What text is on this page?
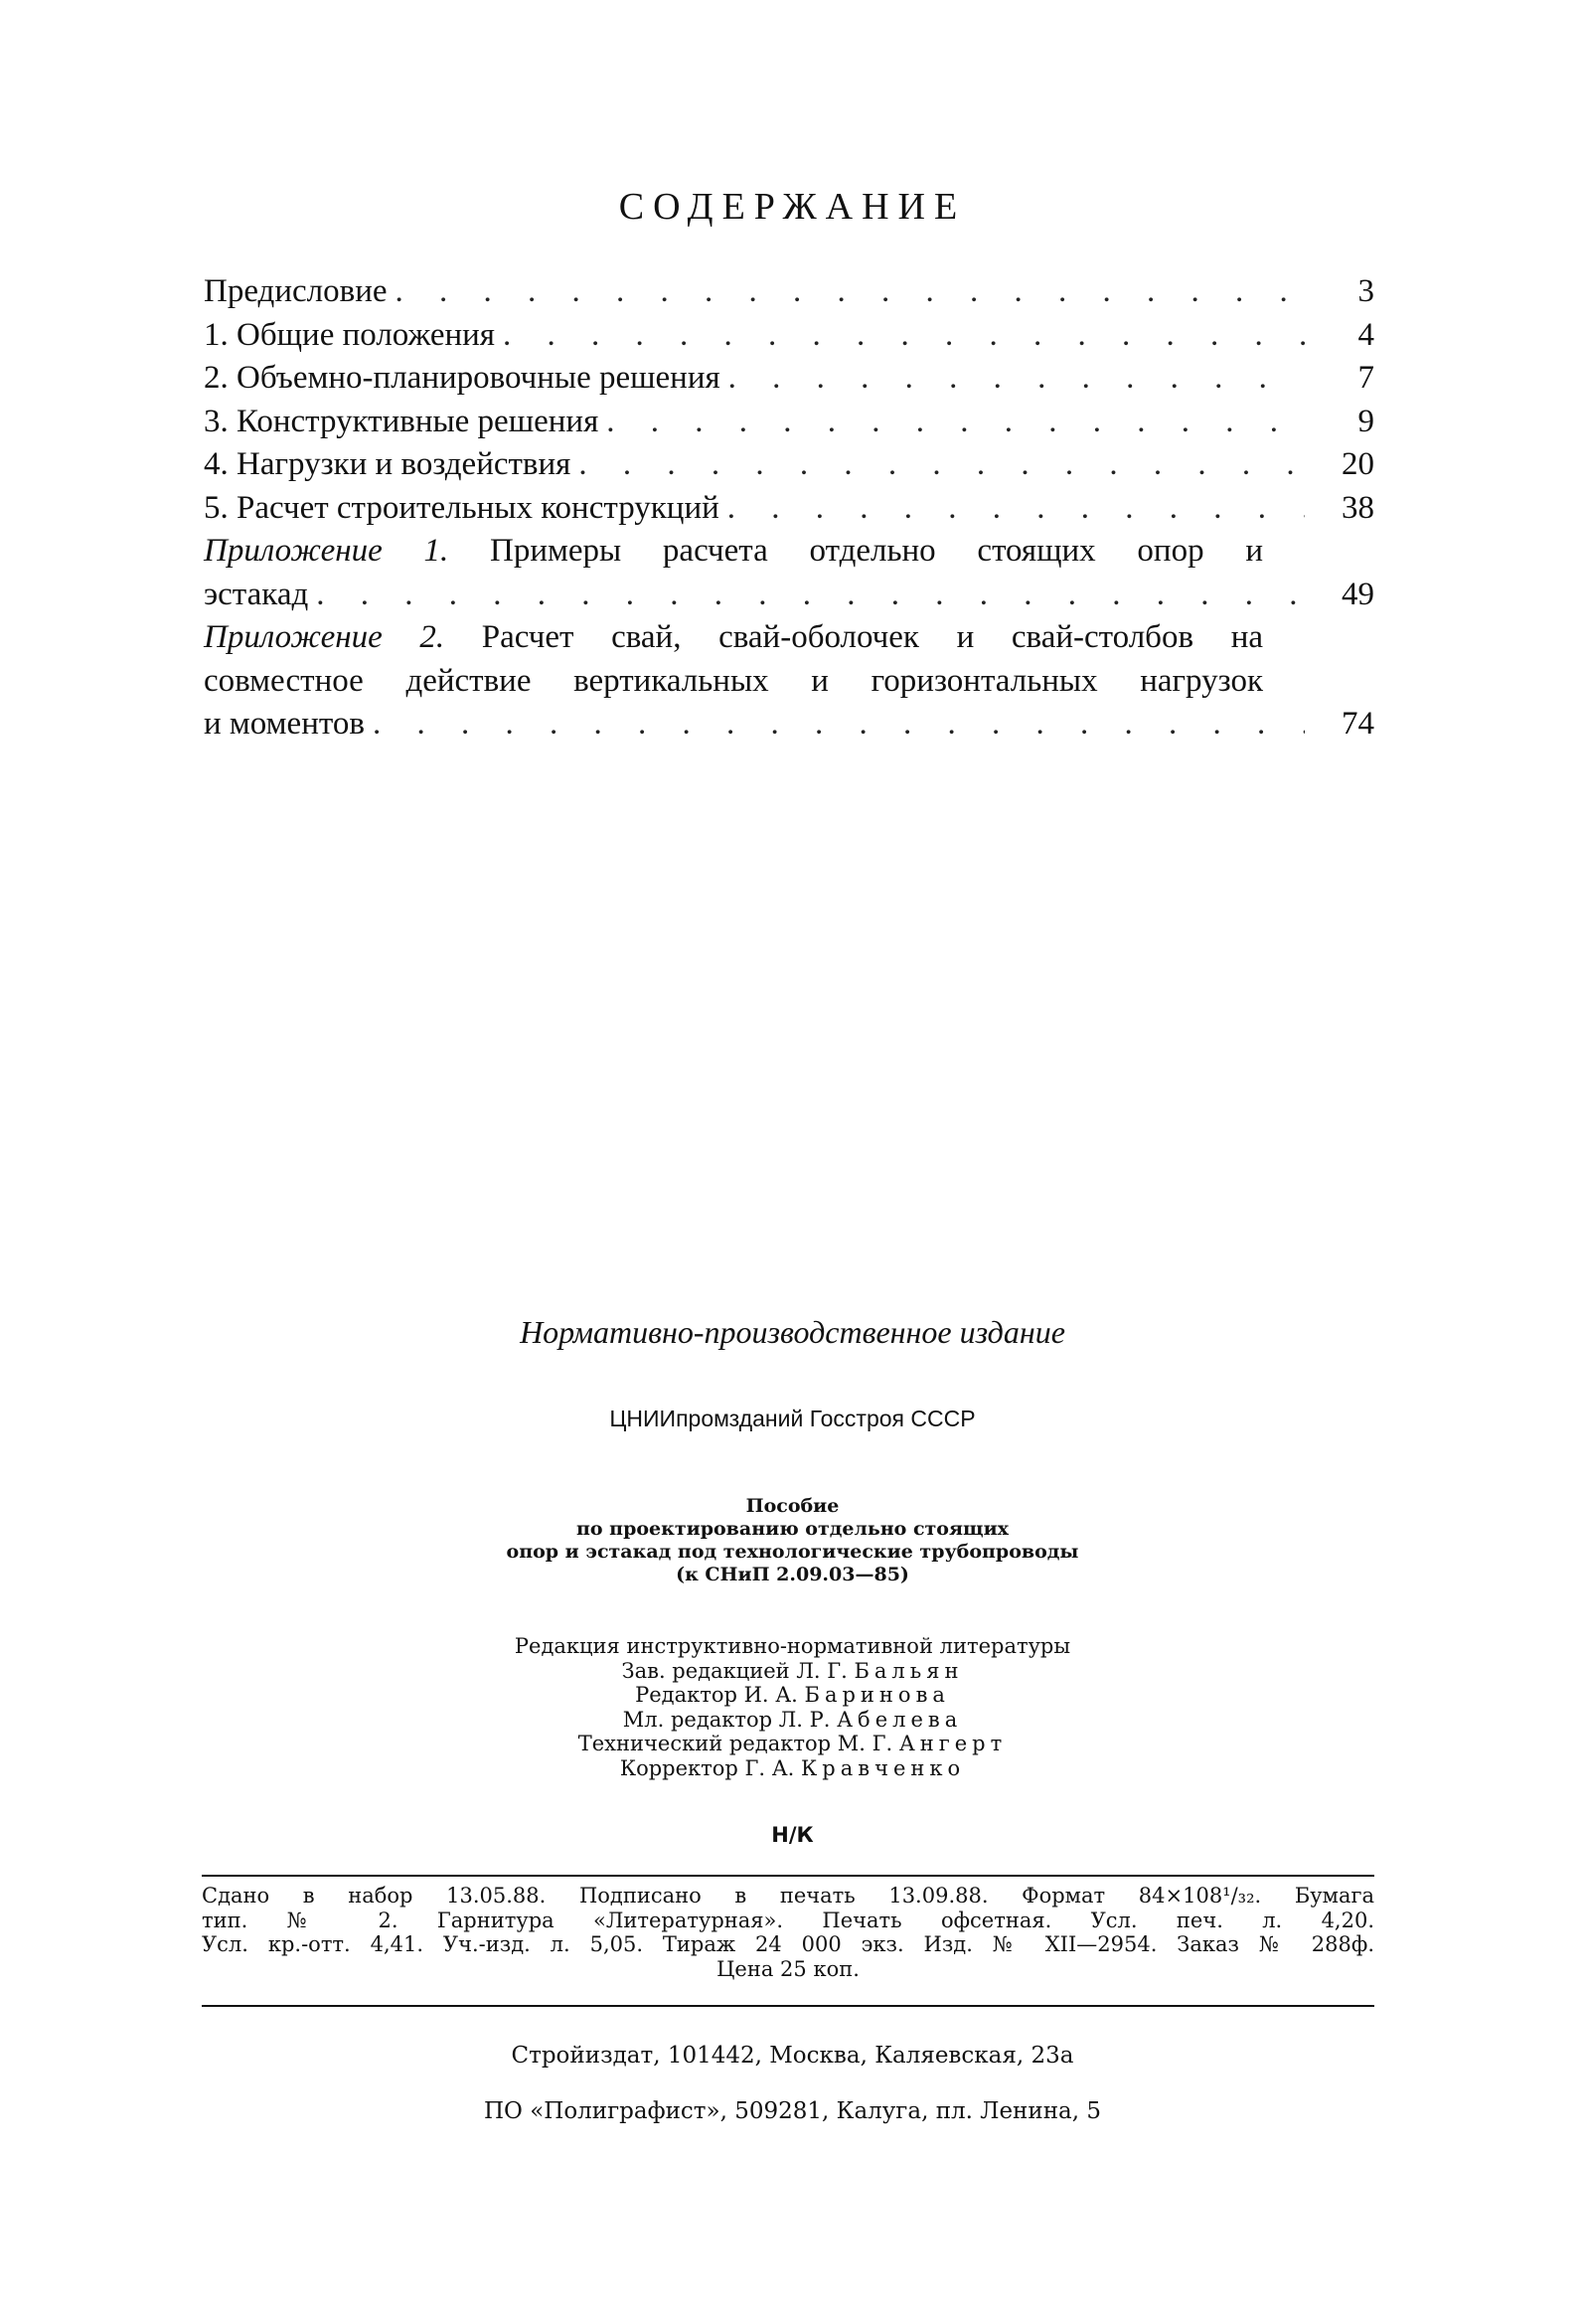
СОДЕРЖАНИЕ
Предисловие . . .	3
1. Общие положения . . .	4
2. Объемно-планировочные решения . . .	7
3. Конструктивные решения . . .	9
4. Нагрузки и воздействия . . .	20
5. Расчет строительных конструкций . . .	38
Приложение 1. Примеры расчета отдельно стоящих опор и
эстакад . . .	49
Приложение 2. Расчет свай, свай-оболочек и свай-столбов на
совместное действие вертикальных и горизонтальных нагрузок
и моментов . . .	74
Нормативно-производственное издание
ЦНИИпромзданий Госстроя СССР
Пособие
по проектированию отдельно стоящих
опор и эстакад под технологические трубопроводы
(к СНиП 2.09.03—85)
Редакция инструктивно-нормативной литературы
Зав. редакцией Л. Г. Бальян
Редактор И. А. Баринова
Мл. редактор Л. Р. Абелева
Технический редактор М. Г. Ангерт
Корректор Г. А. Кравченко
Н/К
Сдано в набор 13.05.88. Подписано в печать 13.09.88. Формат 84×108¹/₃₂. Бумага
тип. № 2. Гарнитура «Литературная». Печать офсетная. Усл. печ. л. 4,20.
Усл. кр.-отт. 4,41. Уч.-изд. л. 5,05. Тираж 24 000 экз. Изд. № XII—2954. Заказ № 288ф.
Цена 25 коп.
Стройиздат, 101442, Москва, Каляевская, 23а
ПО «Полиграфист», 509281, Калуга, пл. Ленина, 5
